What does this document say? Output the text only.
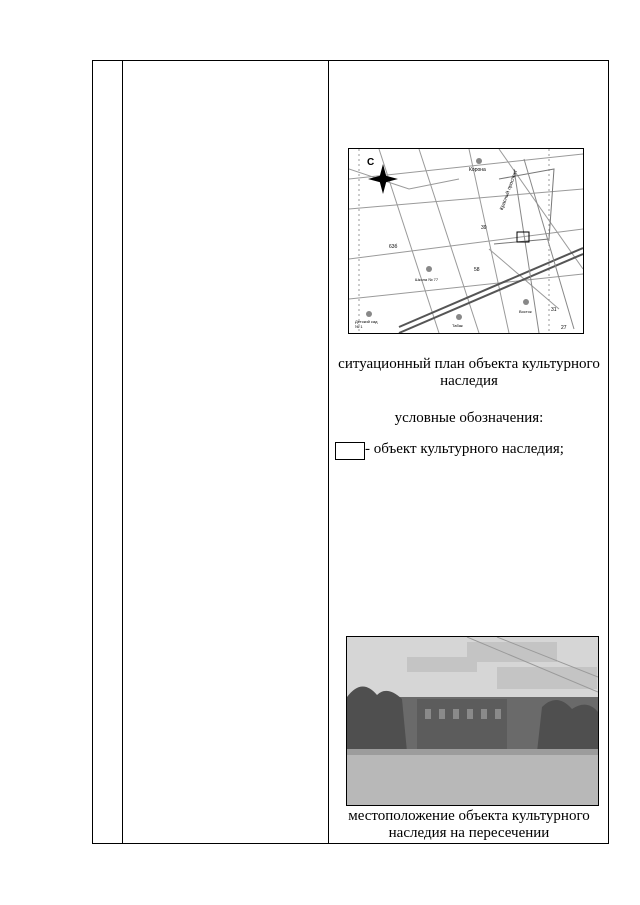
С
Корона	Красный проспект
63б
39
58
31
Школа № 77
Детский сад № 1	Табак
Восток
27
ситуационный план объекта культурного наследия
условные обозначения:
- объект культурного наследия;
местоположение объекта культурного наследия на пересечении
